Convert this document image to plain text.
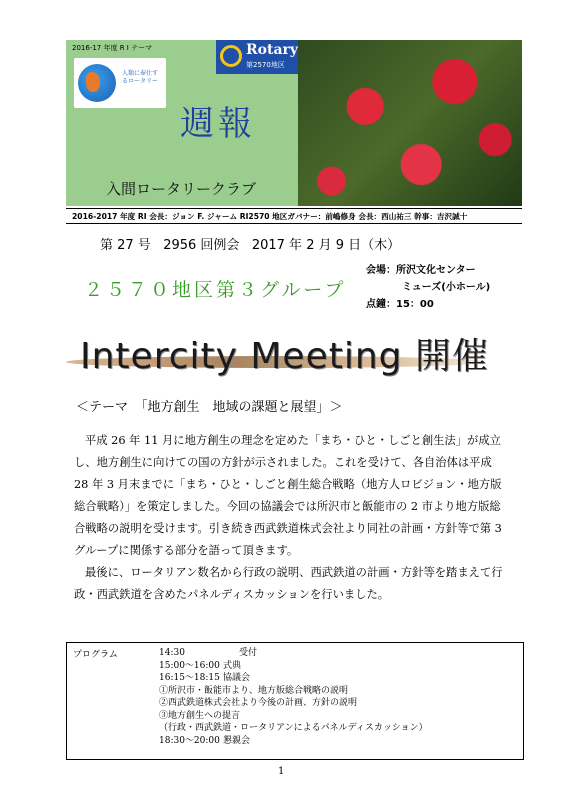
2016-17 年度 R I テーマ
人類に奉仕するロータリー
Rotary
第2570地区
週報
入間ロータリークラブ
2016-2017 年度 RI 会長：ジョン F. ジャーム RI2570 地区ガバナー：前嶋修身 会長：西山祐三 幹事：吉沢誠十
第 27 号 2956 回例会 2017 年 2 月 9 日（木）
２５７０地区第３グループ
会場：所沢文化センター
ミューズ(小ホール)
点鐘：15：00
Intercity Meeting 開催
＜テーマ　「地方創生　地域の課題と展望」＞

平成 26 年 11 月に地方創生の理念を定めた「まち・ひと・しごと創生法」が成立し、地方創生に向けての国の方針が示されました。これを受けて、各自治体は平成 28 年 3 月末までに「まち・ひと・しごと創生総合戦略（地方人ロビジョン・地方版総合戦略）」を策定しました。今回の協議会では所沢市と飯能市の 2 市より地方版総合戦略の説明を受けます。引き続き西武鉄道株式会社より同社の計画・方針等で第 3 グループに関係する部分を語って頂きます。

最後に、ロータリアン数名から行政の説明、西武鉄道の計画・方針等を踏まえて行政・西武鉄道を含めたパネルディスカッションを行いました。

プログラム	14:30	受付
15:00～16:00 式典
16:15～18:15 協議会
①所沢市・飯能市より、地方版総合戦略の説明
②西武鉄道株式会社より今後の計画、方針の説明
③地方創生への提言
（行政・西武鉄道・ロータリアンによるパネルディスカッション）
18:30～20:00 懇親会
1
